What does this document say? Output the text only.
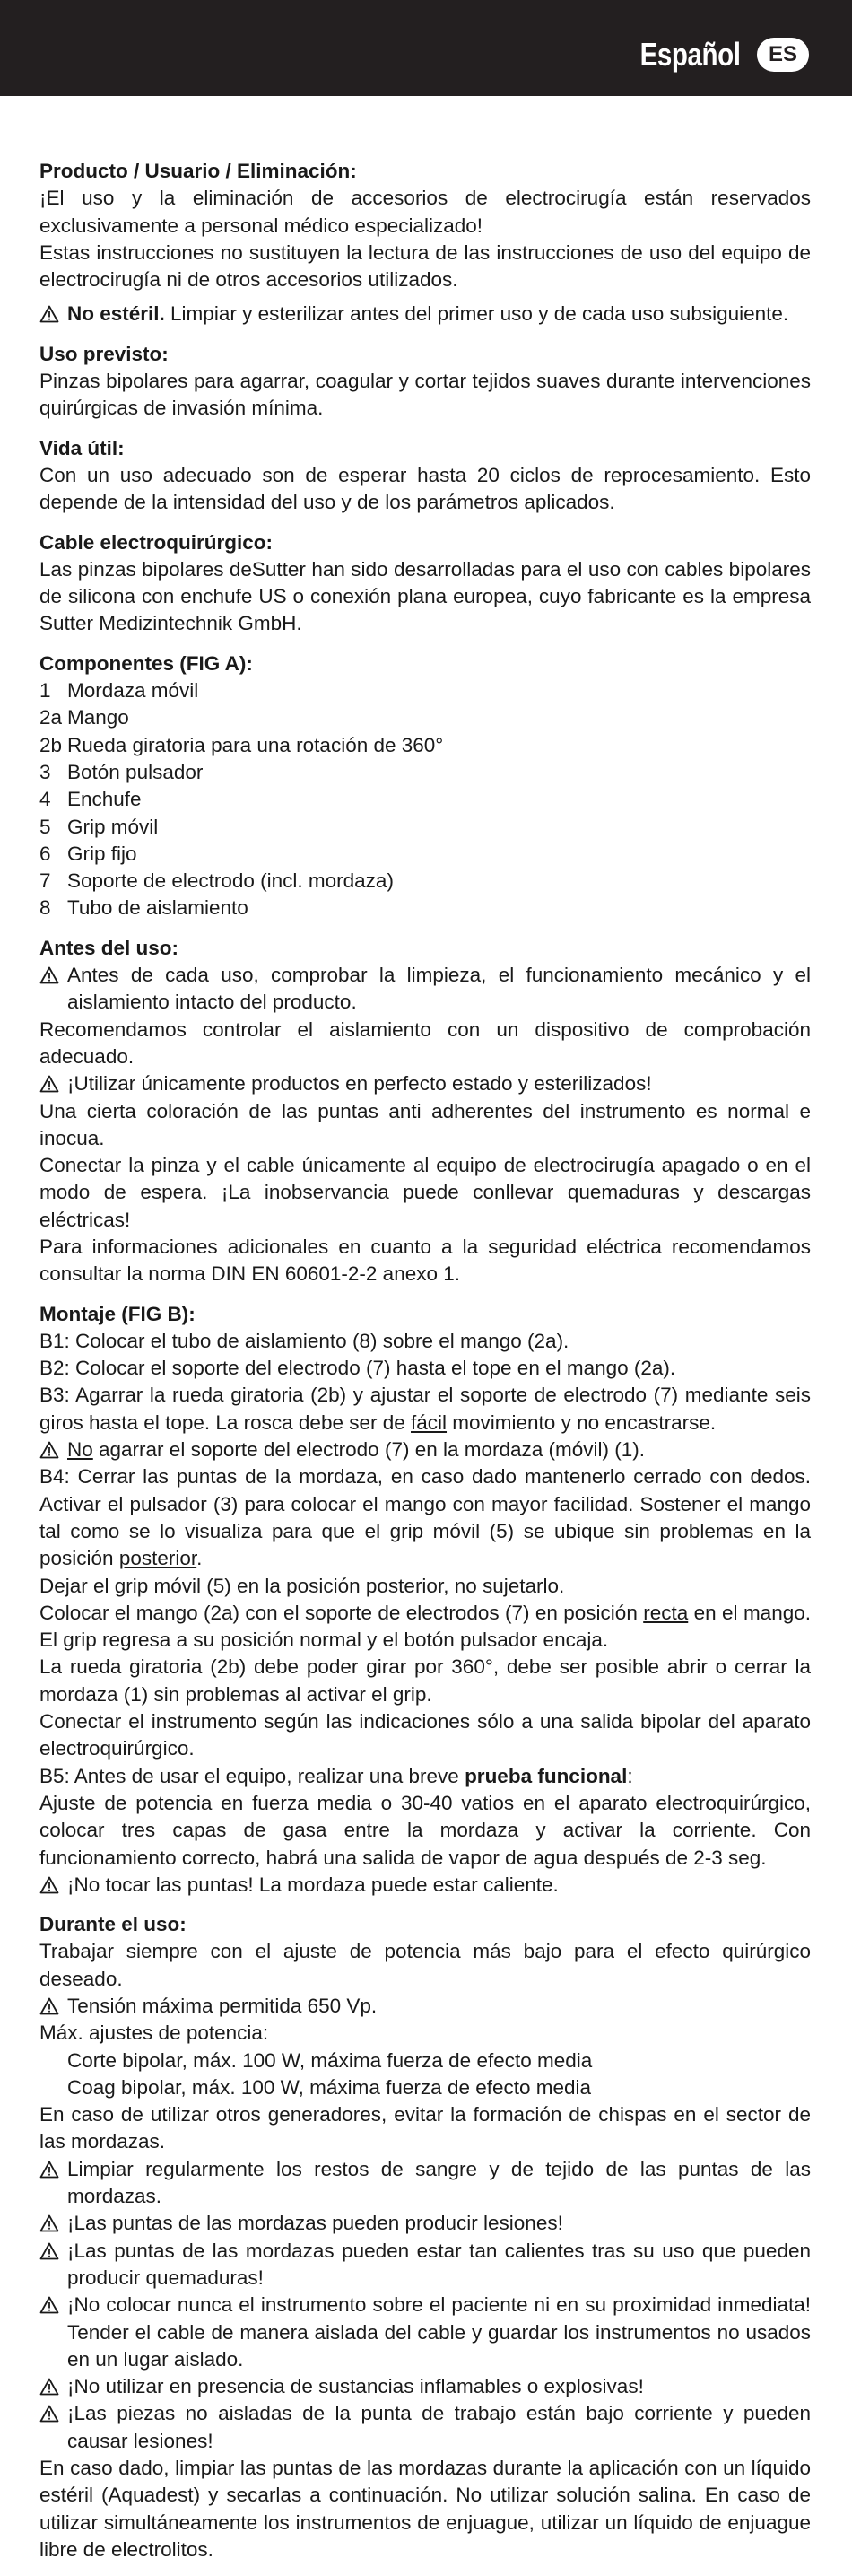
Español	ES
Producto / Usuario / Eliminación:
¡El uso y la eliminación de accesorios de electrocirugía están reservados exclusivamente a personal médico especializado!
Estas instrucciones no sustituyen la lectura de las instrucciones de uso del equipo de electrocirugía ni de otros accesorios utilizados.
No estéril. Limpiar y esterilizar antes del primer uso y de cada uso subsiguiente.
Uso previsto:
Pinzas bipolares para agarrar, coagular y cortar tejidos suaves durante intervenciones quirúrgicas de invasión mínima.
Vida útil:
Con un uso adecuado son de esperar hasta 20 ciclos de reprocesamiento. Esto depende de la intensidad del uso y de los parámetros aplicados.
Cable electroquirúrgico:
Las pinzas bipolares deSutter han sido desarrolladas para el uso con cables bipolares de silicona con enchufe US o conexión plana europea, cuyo fabricante es la empresa Sutter Medizintechnik GmbH.
Componentes (FIG A):
1 Mordaza móvil
2a Mango
2b Rueda giratoria para una rotación de 360°
3 Botón pulsador
4 Enchufe
5 Grip móvil
6 Grip fijo
7 Soporte de electrodo (incl. mordaza)
8 Tubo de aislamiento
Antes del uso:
Antes de cada uso, comprobar la limpieza, el funcionamiento mecánico y el aislamiento intacto del producto.
Recomendamos controlar el aislamiento con un dispositivo de comprobación adecuado.
¡Utilizar únicamente productos en perfecto estado y esterilizados!
Una cierta coloración de las puntas anti adherentes del instrumento es normal e inocua.
Conectar la pinza y el cable únicamente al equipo de electrocirugía apagado o en el modo de espera. ¡La inobservancia puede conllevar quemaduras y descargas eléctricas!
Para informaciones adicionales en cuanto a la seguridad eléctrica recomendamos consultar la norma DIN EN 60601-2-2 anexo 1.
Montaje (FIG B):
B1: Colocar el tubo de aislamiento (8) sobre el mango (2a).
B2: Colocar el soporte del electrodo (7) hasta el tope en el mango (2a).
B3: Agarrar la rueda giratoria (2b) y ajustar el soporte de electrodo (7) mediante seis giros hasta el tope. La rosca debe ser de fácil movimiento y no encastrarse.
No agarrar el soporte del electrodo (7) en la mordaza (móvil) (1).
B4: Cerrar las puntas de la mordaza, en caso dado mantenerlo cerrado con dedos. Activar el pulsador (3) para colocar el mango con mayor facilidad. Sostener el mango tal como se lo visualiza para que el grip móvil (5) se ubique sin problemas en la posición posterior.
Dejar el grip móvil (5) en la posición posterior, no sujetarlo.
Colocar el mango (2a) con el soporte de electrodos (7) en posición recta en el mango. El grip regresa a su posición normal y el botón pulsador encaja.
La rueda giratoria (2b) debe poder girar por 360°, debe ser posible abrir o cerrar la mordaza (1) sin problemas al activar el grip.
Conectar el instrumento según las indicaciones sólo a una salida bipolar del aparato electroquirúrgico.
B5: Antes de usar el equipo, realizar una breve prueba funcional:
Ajuste de potencia en fuerza media o 30-40 vatios en el aparato electroquirúrgico, colocar tres capas de gasa entre la mordaza y activar la corriente. Con funcionamiento correcto, habrá una salida de vapor de agua después de 2-3 seg.
¡No tocar las puntas! La mordaza puede estar caliente.
Durante el uso:
Trabajar siempre con el ajuste de potencia más bajo para el efecto quirúrgico deseado.
Tensión máxima permitida 650 Vp.
Máx. ajustes de potencia:
Corte bipolar, máx. 100 W, máxima fuerza de efecto media
Coag bipolar, máx. 100 W, máxima fuerza de efecto media
En caso de utilizar otros generadores, evitar la formación de chispas en el sector de las mordazas.
Limpiar regularmente los restos de sangre y de tejido de las puntas de las mordazas.
¡Las puntas de las mordazas pueden producir lesiones!
¡Las puntas de las mordazas pueden estar tan calientes tras su uso que pueden producir quemaduras!
¡No colocar nunca el instrumento sobre el paciente ni en su proximidad inmediata! Tender el cable de manera aislada del cable y guardar los instrumentos no usados en un lugar aislado.
¡No utilizar en presencia de sustancias inflamables o explosivas!
¡Las piezas no aisladas de la punta de trabajo están bajo corriente y pueden causar lesiones!
En caso dado, limpiar las puntas de las mordazas durante la aplicación con un líquido estéril (Aquadest) y secarlas a continuación. No utilizar solución salina. En caso de utilizar simultáneamente los instrumentos de enjuague, utilizar un líquido de enjuague libre de electrolitos.
